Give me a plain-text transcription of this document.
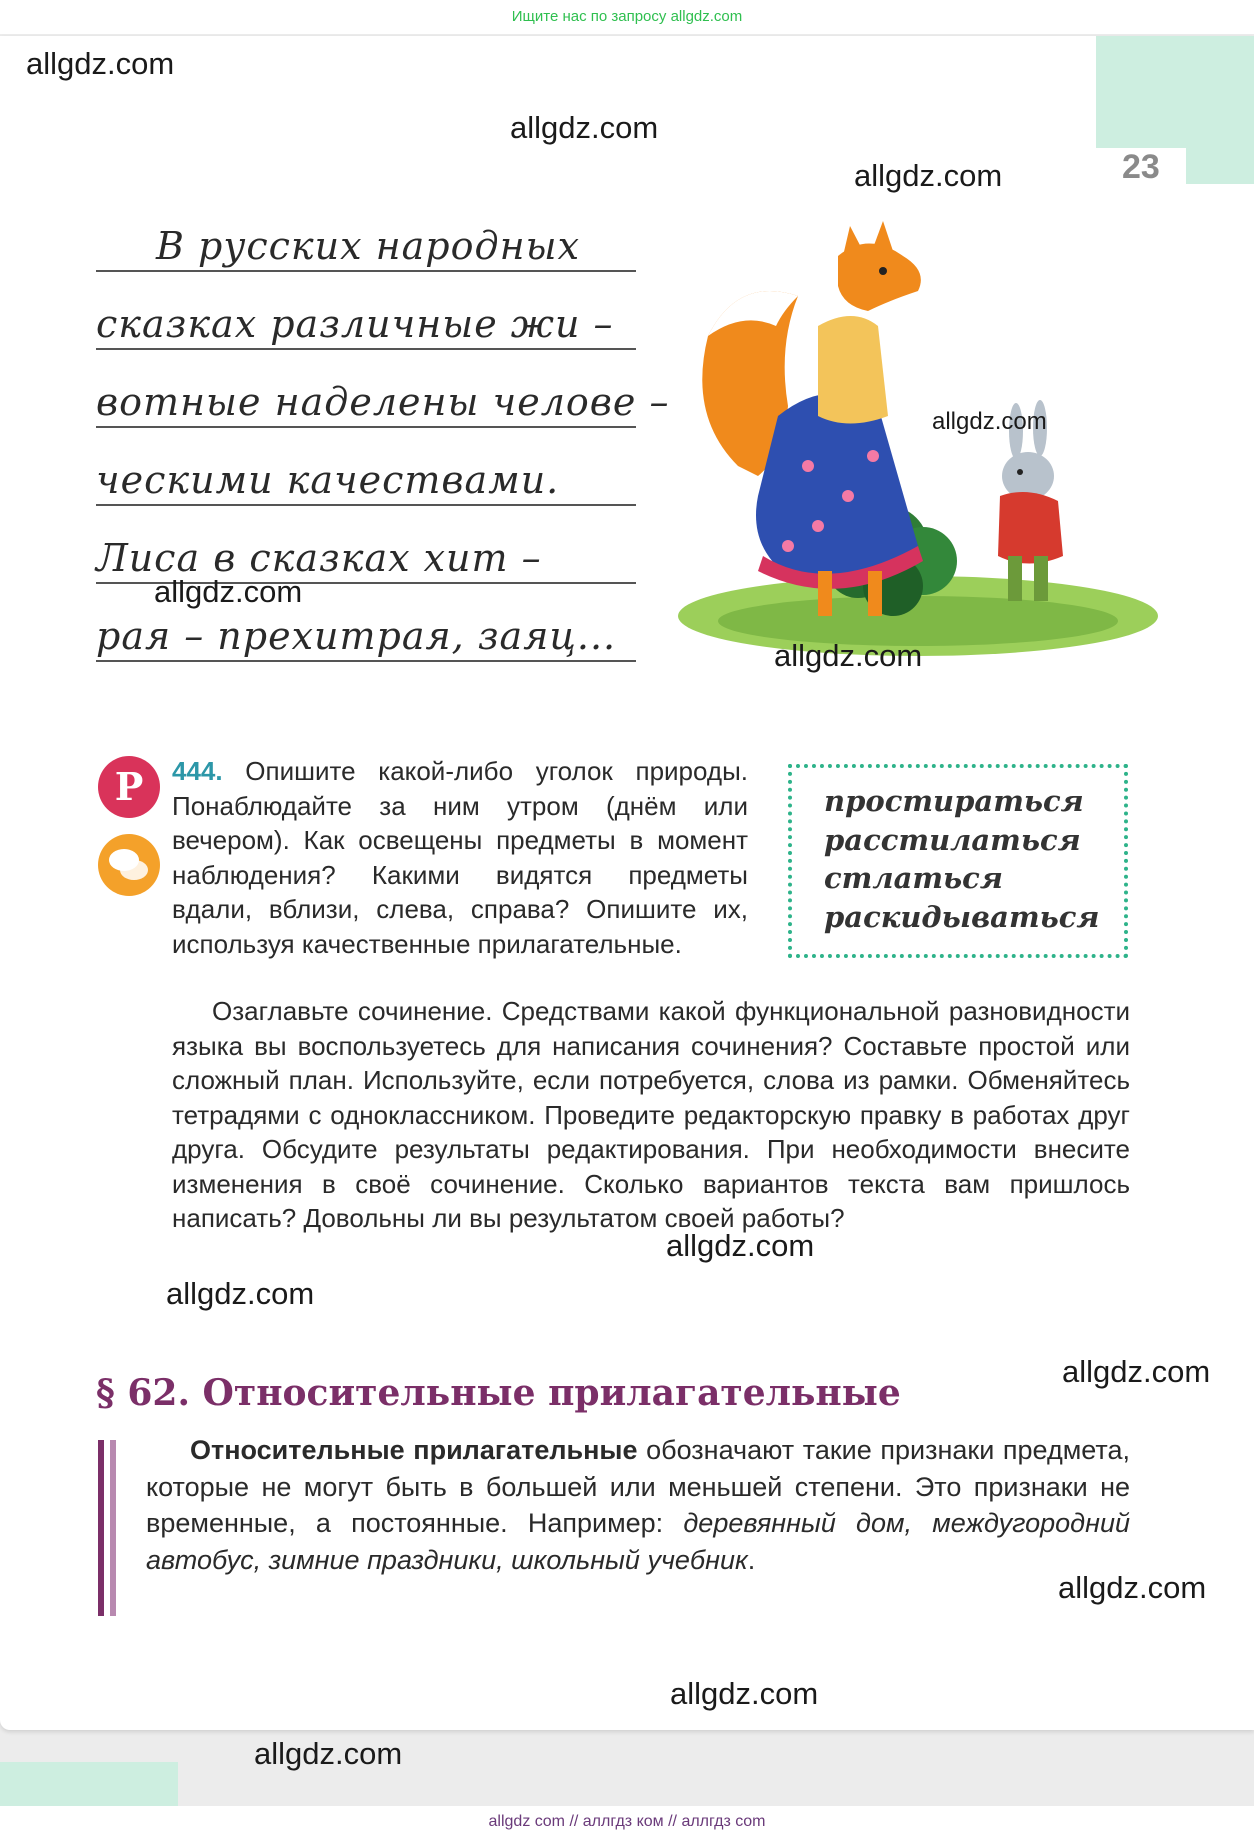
Ищите нас по запросу allgdz.com
23
В русских народных
сказках различные жи –
вотные наделены челове –
ческими качествами.
Лиса в сказках хит –
рая – прехитрая, заяц...
Р	444. Опишите какой-либо уголок природы. Понаблюдайте за ним утром (днём или вечером). Как освещены предметы в момент наблюдения? Какими видятся предметы вдали, вблизи, слева, справа? Опишите их, используя качественные прилагательные.
простираться
расстилаться
стлаться
раскидываться
Озаглавьте сочинение. Средствами какой функциональной разновидности языка вы воспользуетесь для написания сочинения? Составьте простой или сложный план. Используйте, если потребуется, слова из рамки. Обменяйтесь тетрадями с одноклассником. Проведите редакторскую правку в работах друг друга. Обсудите результаты редактирования. При необходимости внесите изменения в своё сочинение. Сколько вариантов текста вам пришлось написать? Довольны ли вы результатом своей работы?
§ 62. Относительные прилагательные
Относительные прилагательные обозначают такие признаки предмета, которые не могут быть в большей или меньшей степени. Это признаки не временные, а постоянные. Например: деревянный дом, междугородний автобус, зимние праздники, школьный учебник.
allgdz.com
allgdz.com
allgdz.com
allgdz.com
allgdz.com
allgdz.com
allgdz.com
allgdz.com
allgdz.com
allgdz.com
allgdz.com
allgdz.com
allgdz com // аллгдз ком // аллгдз com
